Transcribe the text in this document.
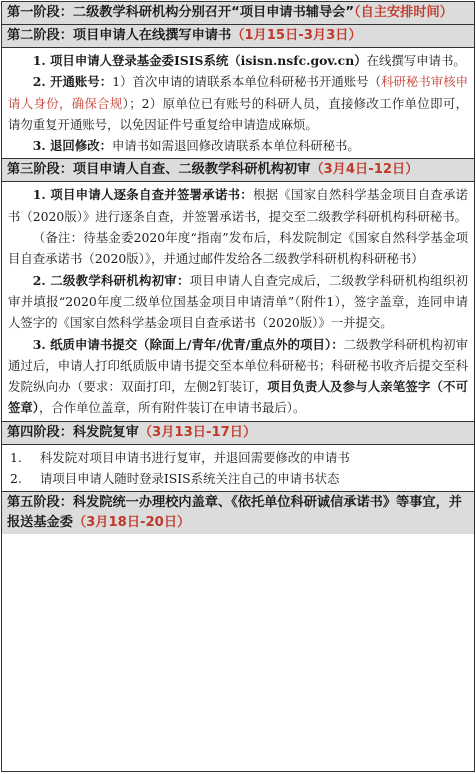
第一阶段：二级教学科研机构分别召开“项目申请书辅导会”（自主安排时间）
第二阶段：项目申请人在线撰写申请书（1月15日-3月3日）

1. 项目申请人登录基金委ISIS系统（isisn.nsfc.gov.cn）在线撰写申请书。

2. 开通账号：1）首次申请的请联系本单位科研秘书开通账号（科研秘书审核申请人身份，确保合规）；2）原单位已有账号的科研人员，直接修改工作单位即可，请勿重复开通账号，以免因证件号重复给申请造成麻烦。

3. 退回修改：申请书如需退回修改请联系本单位科研秘书。

第三阶段：项目申请人自查、二级教学科研机构初审（3月4日-12日）

1. 项目申请人逐条自查并签署承诺书：根据《国家自然科学基金项目自查承诺书（2020版）》进行逐条自查，并签署承诺书，提交至二级教学科研机构科研秘书。

（备注：待基金委2020年度“指南”发布后，科发院制定《国家自然科学基金项目自查承诺书（2020版）》，并通过邮件发给各二级教学科研机构科研秘书）

2. 二级教学科研机构初审：项目申请人自查完成后，二级教学科研机构组织初审并填报“2020年度二级单位国基金项目申请清单”（附件1），签字盖章，连同申请人签字的《国家自然科学基金项目自查承诺书（2020版）》一并提交。

3. 纸质申请书提交（除面上/青年/优青/重点外的项目）：二级教学科研机构初审通过后，申请人打印纸质版申请书提交至本单位科研秘书；科研秘书收齐后提交至科发院纵向办（要求：双面打印，左侧2钉装订，项目负责人及参与人亲笔签字（不可签章），合作单位盖章，所有附件装订在申请书最后）。

第四阶段：科发院复审（3月13日-17日）

1. 科发院对项目申请书进行复审，并退回需要修改的申请书

2. 请项目申请人随时登录ISIS系统关注自己的申请书状态

第五阶段：科发院统一办理校内盖章、《依托单位科研诚信承诺书》等事宜，并报送基金委（3月18日-20日）
